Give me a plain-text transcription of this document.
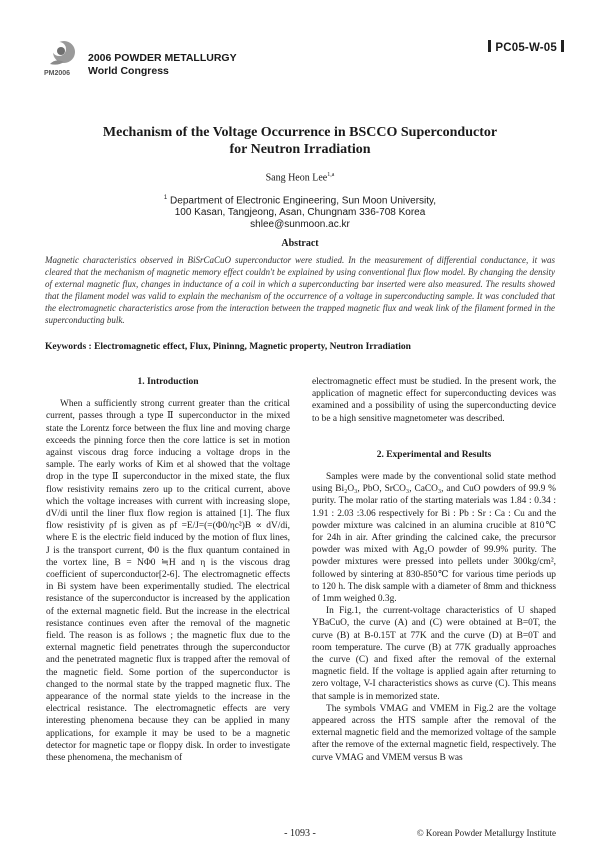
PM2006
2006 POWDER METALLURGY
World Congress
PC05-W-05
Mechanism of the Voltage Occurrence in BSCCO Superconductor
for Neutron Irradiation
Sang Heon Lee$^{1,a}$
$^1$ Department of Electronic Engineering, Sun Moon University,
100 Kasan, Tangjeong, Asan, Chungnam 336-708 Korea
shlee@sunmoon.ac.kr
Abstract
Magnetic characteristics observed in BiSrCaCuO superconductor were studied. In the measurement of differential conductance, it was cleared that the mechanism of magnetic memory effect couldn't be explained by using conventional flux flow model. By changing the density of external magnetic flux, changes in inductance of a coil in which a superconducting bar inserted were also measured. The results showed that the filament model was valid to explain the mechanism of the occurrence of a voltage in superconducting sample. It was concluded that the electromagnetic characteristics arose from the interaction between the trapped magnetic flux and weak link of the filament formed in the superconducting bulk.
Keywords : Electromagnetic effect, Flux, Pininng, Magnetic property, Neutron Irradiation
1. Introduction

When a sufficiently strong current greater than the critical current, passes through a type Ⅱ superconductor in the mixed state the Lorentz force between the flux line and moving charge exceeds the pinning force then the core lattice is set in motion against viscous drag force inducing a voltage drops in the sample. The early works of Kim et al showed that the voltage drop in the type Ⅱ superconductor in the mixed state, the flux flow resistivity remains zero up to the critical current, above which the voltage increases with current with increasing slope, dV/di until the liner flux flow region is attained [1]. The flux flow resistivity ρf is given as ρf =E/J=(=(Φ0/ηc²)B ∝ dV/di, where E is the electric field induced by the motion of flux lines, J is the transport current, Φ0 is the flux quantum contained in the vortex line, B = NΦ0 ≒H and η is the viscous drag coefficient of superconductor[2-6]. The electromagnetic effects in Bi system have been experimentally studied. The electrical resistance of the superconductor is increased by the application of the external magnetic field. But the increase in the electrical resistance continues even after the removal of the magnetic field. The reason is as follows ; the magnetic flux due to the external magnetic field penetrates through the superconductor and the penetrated magnetic flux is trapped after the removal of the magnetic field. Some portion of the superconductor is changed to the normal state by the trapped magnetic flux. The appearance of the normal state yields to the increase in the electrical resistance. The electromagnetic effects are very interesting phenomena because they can be applied in many applications, for example it may be used to be a magnetic detector for magnetic tape or floppy disk. In order to investigate these phenomena, the mechanism of

electromagnetic effect must be studied. In the present work, the application of magnetic effect for superconducting devices was examined and a possibility of using the superconducting device to be a high sensitive magnetometer was described.

2. Experimental and Results

Samples were made by the conventional solid state method using Bi₂O₃, PbO, SrCO₃, CaCO₃, and CuO powders of 99.9 % purity. The molar ratio of the starting materials was 1.84 : 0.34 : 1.91 : 2.03 :3.06 respectively for Bi : Pb : Sr : Ca : Cu and the powder mixture was calcined in an alumina crucible at 810℃ for 24h in air. After grinding the calcined cake, the precursor powder was mixed with Ag₂O powder of 99.9% purity. The powder mixtures were pressed into pellets under 300kg/cm², followed by sintering at 830-850℃ for various time periods up to 120 h. The disk sample with a diameter of 8mm and thickness of 1mm weighed 0.3g.

In Fig.1, the current-voltage characteristics of U shaped YBaCuO, the curve (A) and (C) were obtained at B=0T, the curve (B) at B-0.15T at 77K and the curve (D) at B=0T and room temperature. The curve (B) at 77K gradually approaches the curve (C) and fixed after the removal of the external magnetic field. If the voltage is applied again after returning to zero voltage, V-I characteristics shows as curve (C). This means that sample is in memorized state.

The symbols VMAG and VMEM in Fig.2 are the voltage appeared across the HTS sample after the removal of the external magnetic field and the memorized voltage of the sample after the remove of the external magnetic field, respectively. The curve VMAG and VMEM versus B was

- 1093 -	© Korean Powder Metallurgy Institute
